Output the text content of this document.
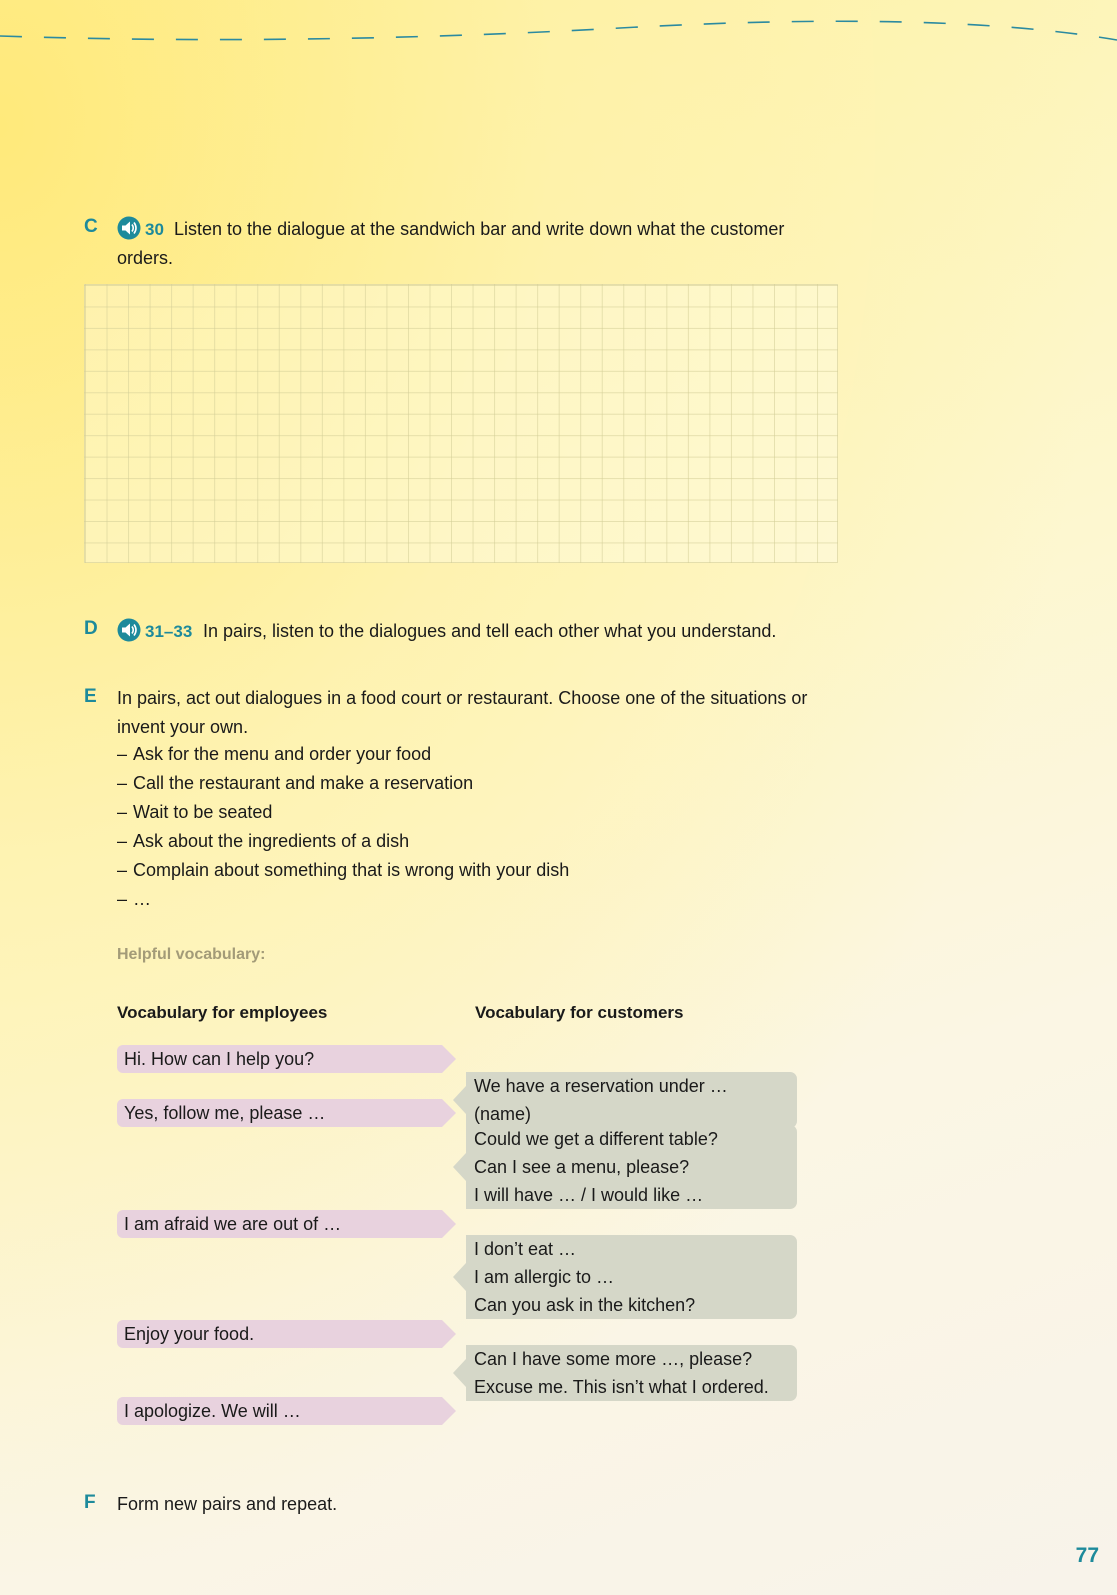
C	30 Listen to the dialogue at the sandwich bar and write down what the customer
orders.
D	31–33 In pairs, listen to the dialogues and tell each other what you understand.
E In pairs, act out dialogues in a food court or restaurant. Choose one of the situations or
invent your own.
– Ask for the menu and order your food
– Call the restaurant and make a reservation
– Wait to be seated
– Ask about the ingredients of a dish
– Complain about something that is wrong with your dish
– …
Helpful vocabulary:
Vocabulary for employees	Vocabulary for customers
Hi. How can I help you?
Yes, follow me, please …
I am afraid we are out of …
Enjoy your food.
I apologize. We will …
We have a reservation under … (name)
Could we get a different table?
Can I see a menu, please?
I will have … / I would like …
I don’t eat …
I am allergic to …
Can you ask in the kitchen?
Can I have some more …, please?
Excuse me. This isn’t what I ordered.
F Form new pairs and repeat.
77
